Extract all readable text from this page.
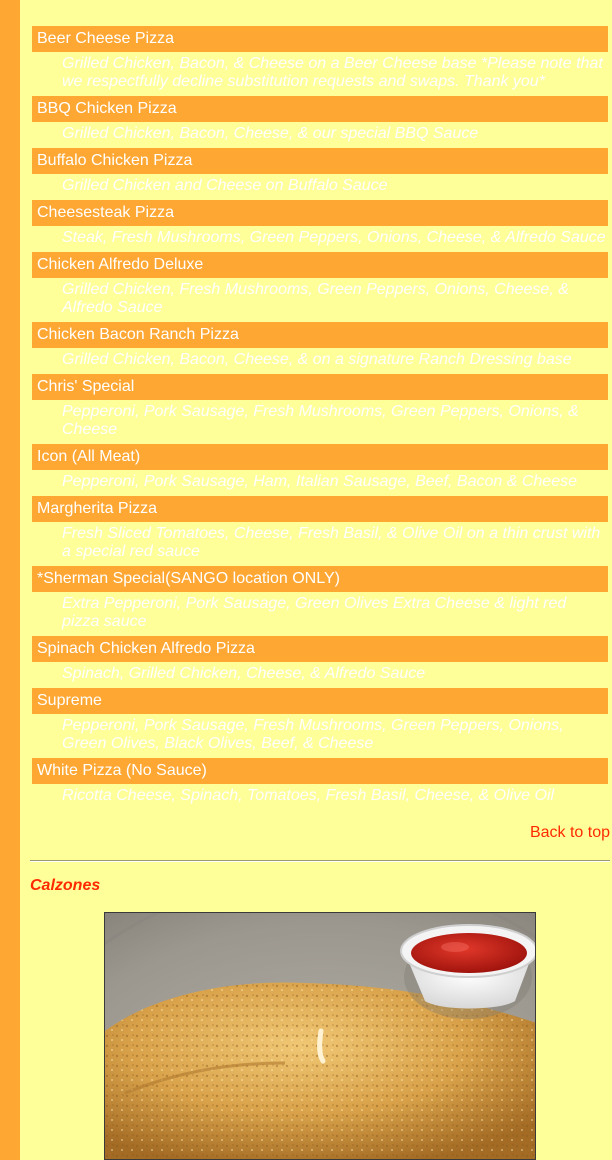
Beer Cheese Pizza
Grilled Chicken, Bacon, & Cheese on a Beer Cheese base *Please note that we respectfully decline substitution requests and swaps. Thank you*
BBQ Chicken Pizza
Grilled Chicken, Bacon, Cheese, & our special BBQ Sauce
Buffalo Chicken Pizza
Grilled Chicken and Cheese on Buffalo Sauce
Cheesesteak Pizza
Steak, Fresh Mushrooms, Green Peppers, Onions, Cheese, & Alfredo Sauce
Chicken Alfredo Deluxe
Grilled Chicken, Fresh Mushrooms, Green Peppers, Onions, Cheese, & Alfredo Sauce
Chicken Bacon Ranch Pizza
Grilled Chicken, Bacon, Cheese, & on a signature Ranch Dressing base
Chris' Special
Pepperoni, Pork Sausage, Fresh Mushrooms, Green Peppers, Onions, & Cheese
Icon (All Meat)
Pepperoni, Pork Sausage, Ham, Italian Sausage, Beef, Bacon & Cheese
Margherita Pizza
Fresh Sliced Tomatoes, Cheese, Fresh Basil, & Olive Oil on a thin crust with a special red sauce
*Sherman Special(SANGO location ONLY)
Extra Pepperoni, Pork Sausage, Green Olives Extra Cheese & light red pizza sauce
Spinach Chicken Alfredo Pizza
Spinach, Grilled Chicken, Cheese, & Alfredo Sauce
Supreme
Pepperoni, Pork Sausage, Fresh Mushrooms, Green Peppers, Onions, Green Olives, Black Olives, Beef, & Cheese
White Pizza (No Sauce)
Ricotta Cheese, Spinach, Tomatoes, Fresh Basil, Cheese, & Olive Oil
Back to top
Calzones
